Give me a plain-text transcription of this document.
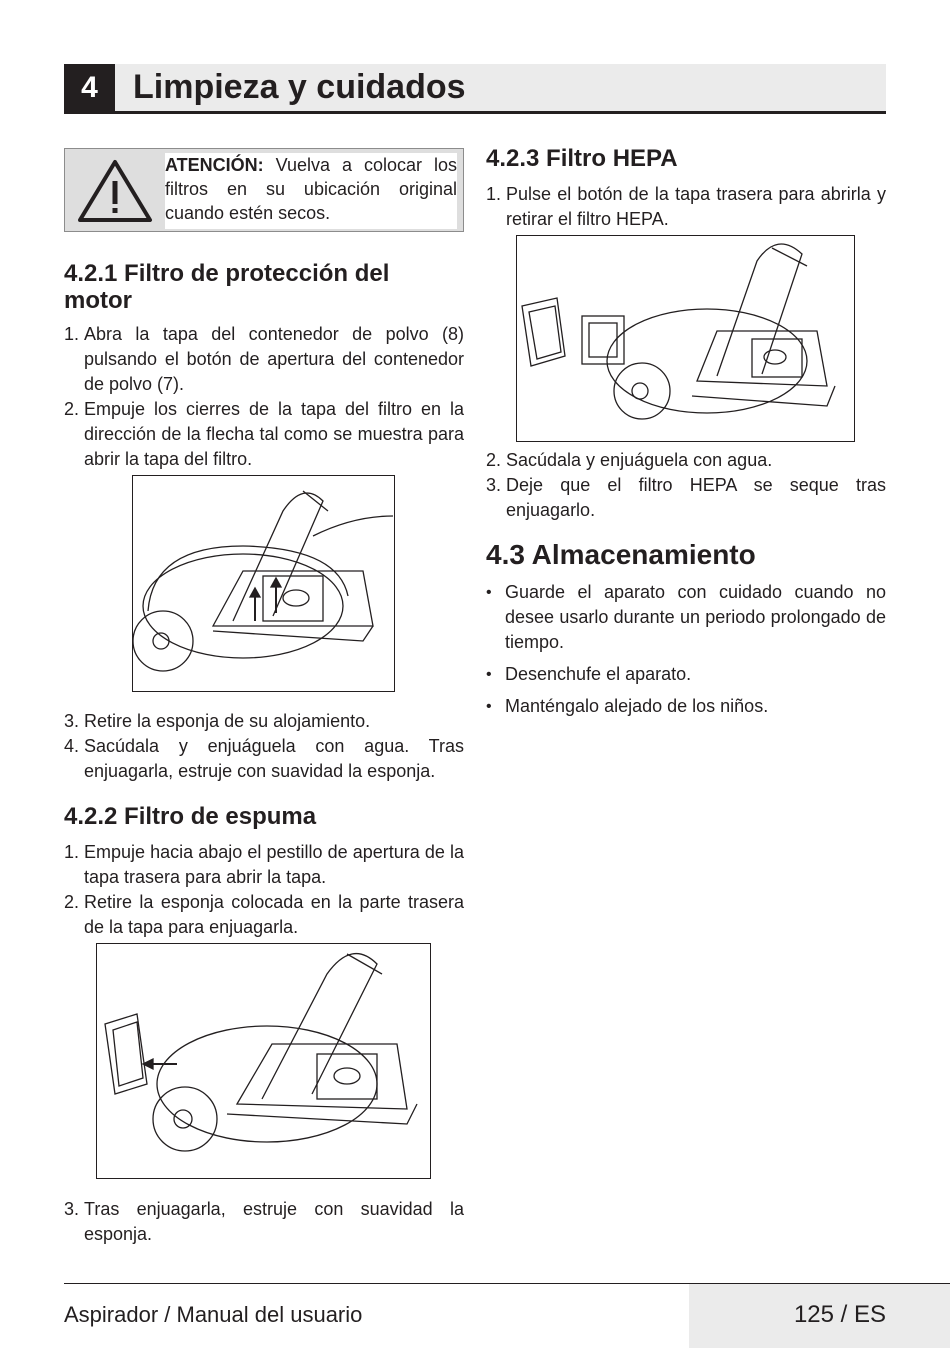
4	Limpieza y cuidados
ATENCIÓN: Vuelva a colocar los filtros en su ubicación original cuando estén secos.
4.2.1 Filtro de protección del motor
1. Abra la tapa del contenedor de polvo (8) pulsando el botón de apertura del contenedor de polvo (7).
2. Empuje los cierres de la tapa del filtro en la dirección de la flecha tal como se muestra para abrir la tapa del filtro.
3. Retire la esponja de su alojamiento.
4. Sacúdala y enjuáguela con agua. Tras enjuagarla, estruje con suavidad la esponja.
4.2.2 Filtro de espuma
1. Empuje hacia abajo el pestillo de apertura de la tapa trasera para abrir la tapa.
2. Retire la esponja colocada en la parte trasera de la tapa para enjuagarla.
3. Tras enjuagarla, estruje con suavidad la esponja.
4.2.3 Filtro HEPA
1. Pulse el botón de la tapa trasera para abrirla y retirar el filtro HEPA.
2. Sacúdala y enjuáguela con agua.
3. Deje que el filtro HEPA se seque tras enjuagarlo.
4.3 Almacenamiento
• Guarde el aparato con cuidado cuando no desee usarlo durante un periodo prolongado de tiempo.
• Desenchufe el aparato.
• Manténgalo alejado de los niños.
Aspirador / Manual del usuario	125 / ES
